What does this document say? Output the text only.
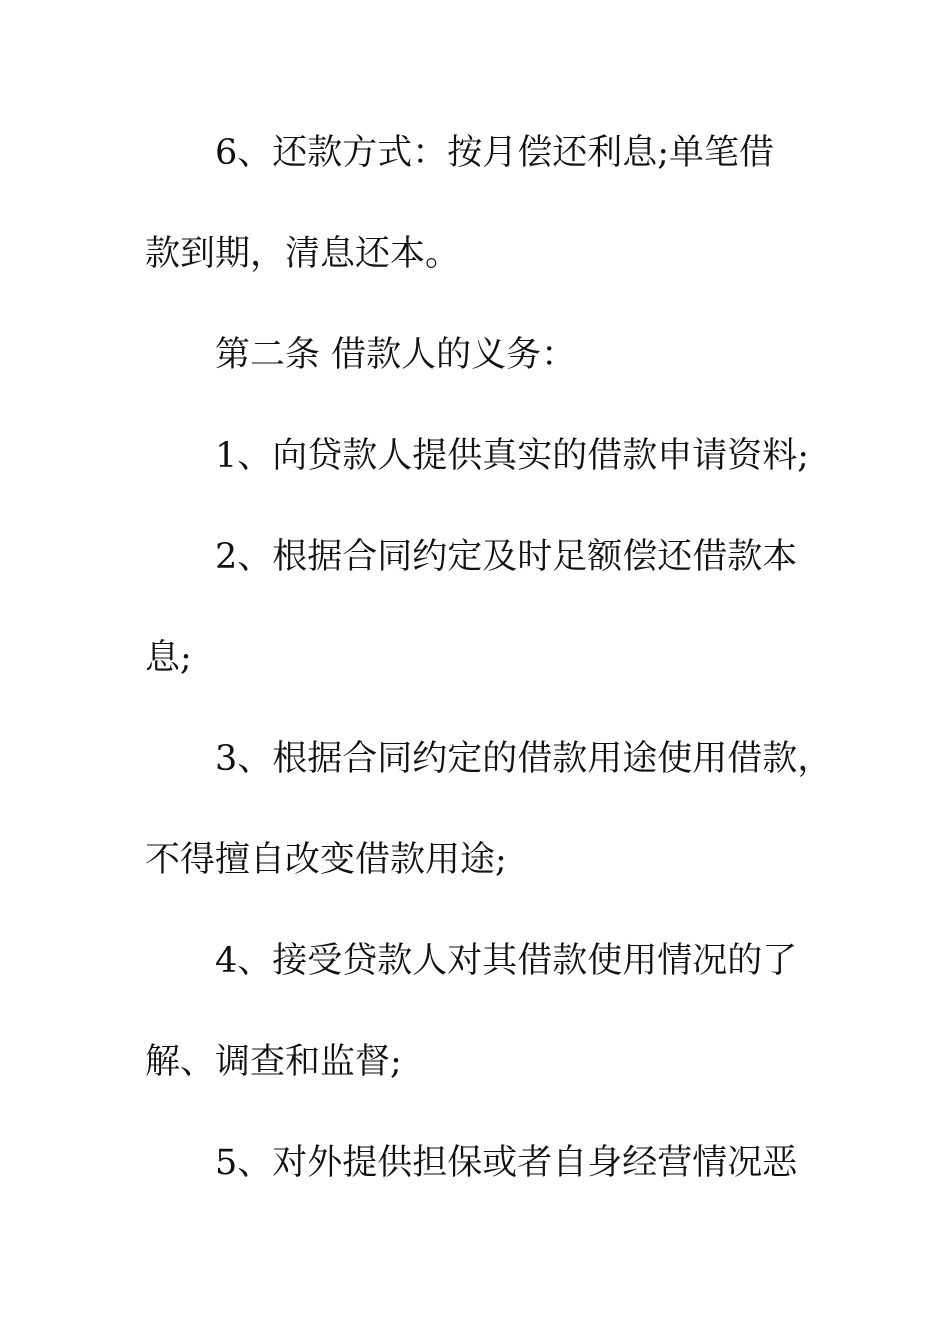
6、还款方式：按月偿还利息;单笔借
款到期，清息还本。
第二条 借款人的义务：
1、向贷款人提供真实的借款申请资料;
2、根据合同约定及时足额偿还借款本
息;
3、根据合同约定的借款用途使用借款，
不得擅自改变借款用途;
4、接受贷款人对其借款使用情况的了
解、调查和监督;
5、对外提供担保或者自身经营情况恶
